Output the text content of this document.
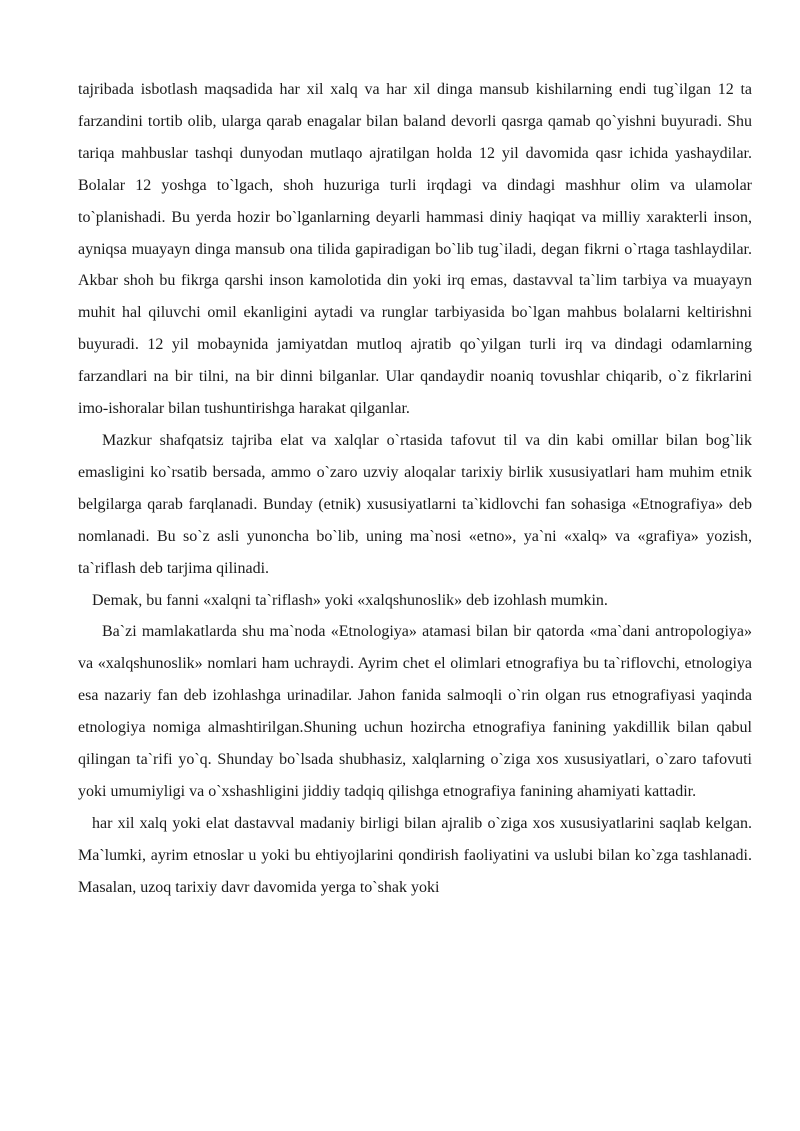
tajribada isbotlash maqsadida har xil xalq va har xil dinga mansub kishilarning endi tug`ilgan 12 ta farzandini tortib olib, ularga qarab enagalar bilan baland devorli qasrga qamab qo`yishni buyuradi. Shu tariqa mahbuslar tashqi dunyodan mutlaqo ajratilgan holda 12 yil davomida qasr ichida yashaydilar. Bolalar 12 yoshga to`lgach, shoh huzuriga turli irqdagi va dindagi mashhur olim va ulamolar to`planishadi. Bu yerda hozir bo`lganlarning deyarli hammasi diniy haqiqat va milliy xarakterli inson, ayniqsa muayayn dinga mansub ona tilida gapiradigan bo`lib tug`iladi, degan fikrni o`rtaga tashlaydilar. Akbar shoh bu fikrga qarshi inson kamolotida din yoki irq emas, dastavval ta`lim tarbiya va muayayn muhit hal qiluvchi omil ekanligini aytadi va runglar tarbiyasida bo`lgan mahbus bolalarni keltirishni buyuradi. 12 yil mobaynida jamiyatdan mutloq ajratib qo`yilgan turli irq va dindagi odamlarning farzandlari na bir tilni, na bir dinni bilganlar. Ular qandaydir noaniq tovushlar chiqarib, o`z fikrlarini imo-ishoralar bilan tushuntirishga harakat qilganlar.

Mazkur shafqatsiz tajriba elat va xalqlar o`rtasida tafovut til va din kabi omillar bilan bog`lik emasligini ko`rsatib bersada, ammo o`zaro uzviy aloqalar tarixiy birlik xususiyatlari ham muhim etnik belgilarga qarab farqlanadi. Bunday (etnik) xususiyatlarni ta`kidlovchi fan sohasiga «Etnografiya» deb nomlanadi. Bu so`z asli yunoncha bo`lib, uning ma`nosi «etno», ya`ni «xalq» va «grafiya» yozish, ta`riflash deb tarjima qilinadi.

Demak, bu fanni «xalqni ta`riflash» yoki «xalqshunoslik» deb izohlash mumkin.

Ba`zi mamlakatlarda shu ma`noda «Etnologiya» atamasi bilan bir qatorda «ma`dani antropologiya» va «xalqshunoslik» nomlari ham uchraydi. Ayrim chet el olimlari etnografiya bu ta`riflovchi, etnologiya esa nazariy fan deb izohlashga urinadilar. Jahon fanida salmoqli o`rin olgan rus etnografiyasi yaqinda etnologiya nomiga almashtirilgan.Shuning uchun hozircha etnografiya fanining yakdillik bilan qabul qilingan ta`rifi yo`q. Shunday bo`lsada shubhasiz, xalqlarning o`ziga xos xususiyatlari, o`zaro tafovuti yoki umumiyligi va o`xshashligini jiddiy tadqiq qilishga etnografiya fanining ahamiyati kattadir.

har xil xalq yoki elat dastavval madaniy birligi bilan ajralib o`ziga xos xususiyatlarini saqlab kelgan. Ma`lumki, ayrim etnoslar u yoki bu ehtiyojlarini qondirish faoliyatini va uslubi bilan ko`zga tashlanadi. Masalan, uzoq tarixiy davr davomida yerga to`shak yoki
